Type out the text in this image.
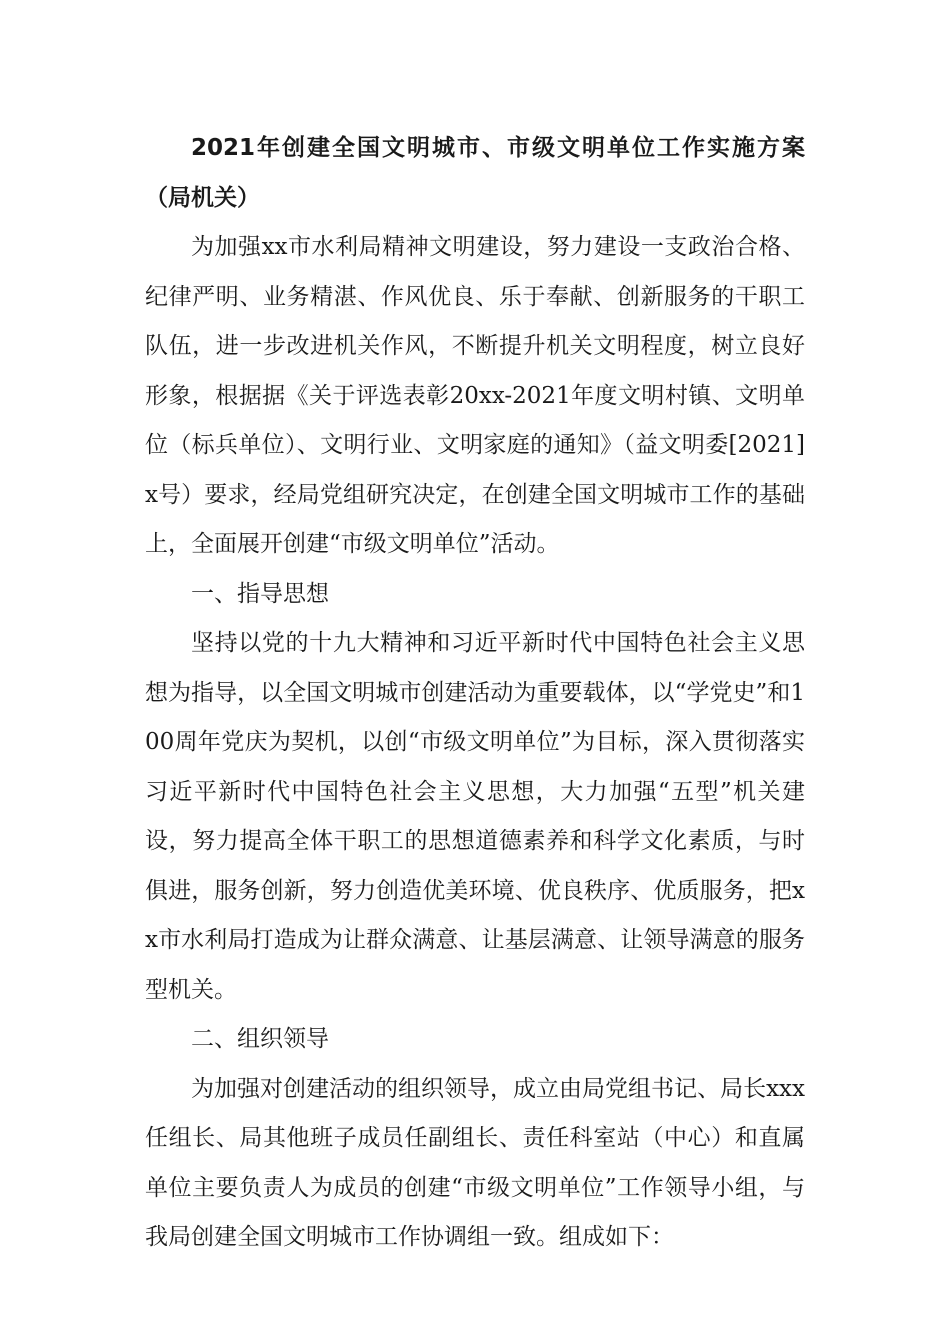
2021年创建全国文明城市、市级文明单位工作实施方案（局机关）

为加强xx市水利局精神文明建设，努力建设一支政治合格、纪律严明、业务精湛、作风优良、乐于奉献、创新服务的干职工队伍，进一步改进机关作风，不断提升机关文明程度，树立良好形象，根据据《关于评选表彰20xx-2021年度文明村镇、文明单位（标兵单位）、文明行业、文明家庭的通知》（益文明委[2021]x号）要求，经局党组研究决定，在创建全国文明城市工作的基础上，全面展开创建“市级文明单位”活动。

一、指导思想

坚持以党的十九大精神和习近平新时代中国特色社会主义思想为指导，以全国文明城市创建活动为重要载体，以“学党史”和100周年党庆为契机，以创“市级文明单位”为目标，深入贯彻落实习近平新时代中国特色社会主义思想，大力加强“五型”机关建设，努力提高全体干职工的思想道德素养和科学文化素质，与时俱进，服务创新，努力创造优美环境、优良秩序、优质服务，把xx市水利局打造成为让群众满意、让基层满意、让领导满意的服务型机关。

二、组织领导

为加强对创建活动的组织领导，成立由局党组书记、局长xxx任组长、局其他班子成员任副组长、责任科室站（中心）和直属单位主要负责人为成员的创建“市级文明单位”工作领导小组，与我局创建全国文明城市工作协调组一致。组成如下：
